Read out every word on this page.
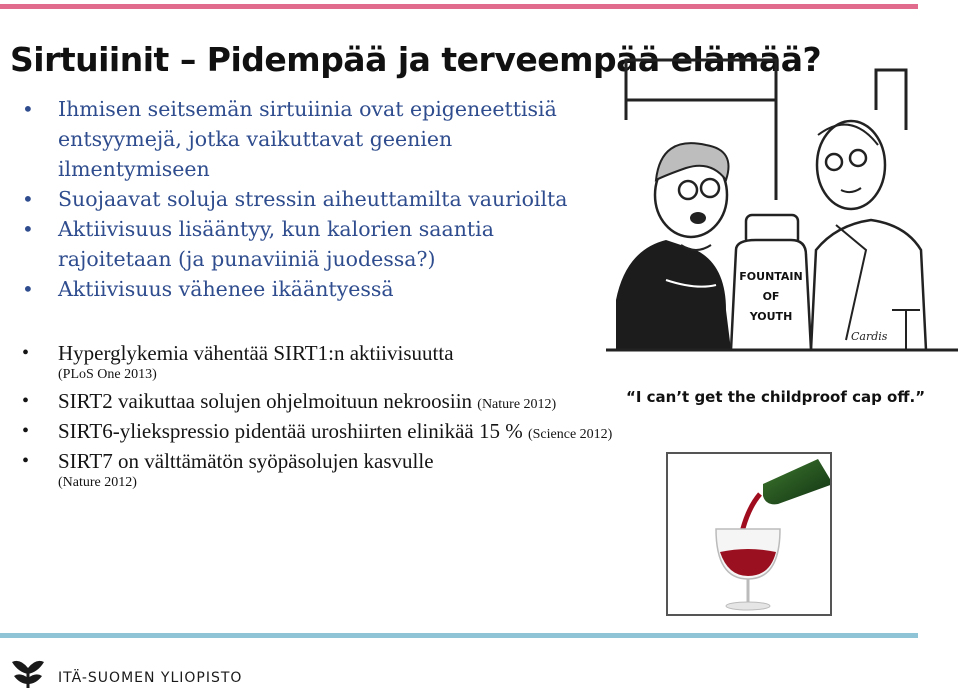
Sirtuiinit – Pidempää ja terveempää elämää?
• Ihmisen seitsemän sirtuiinia ovat epigeneettisiä entsyymejä, jotka vaikuttavat geenien ilmentymiseen
• Suojaavat soluja stressin aiheuttamilta vaurioilta
• Aktiivisuus lisääntyy, kun kalorien saantia rajoitetaan (ja punaviiniä juodessa?)
• Aktiivisuus vähenee ikääntyessä
• Hyperglykemia vähentää SIRT1:n aktiivisuutta
(PLoS One 2013)
• SIRT2 vaikuttaa solujen ohjelmoituun nekroosiin (Nature 2012)
• SIRT6-yliekspressio pidentää uroshiirten elinikää 15 % (Science 2012)
• SIRT7 on välttämätön syöpäsolujen kasvulle
(Nature 2012)
FOUNTAIN
OF
YOUTH
Cardis
“I can’t get the childproof cap off.”
ITÄ-SUOMEN YLIOPISTO
